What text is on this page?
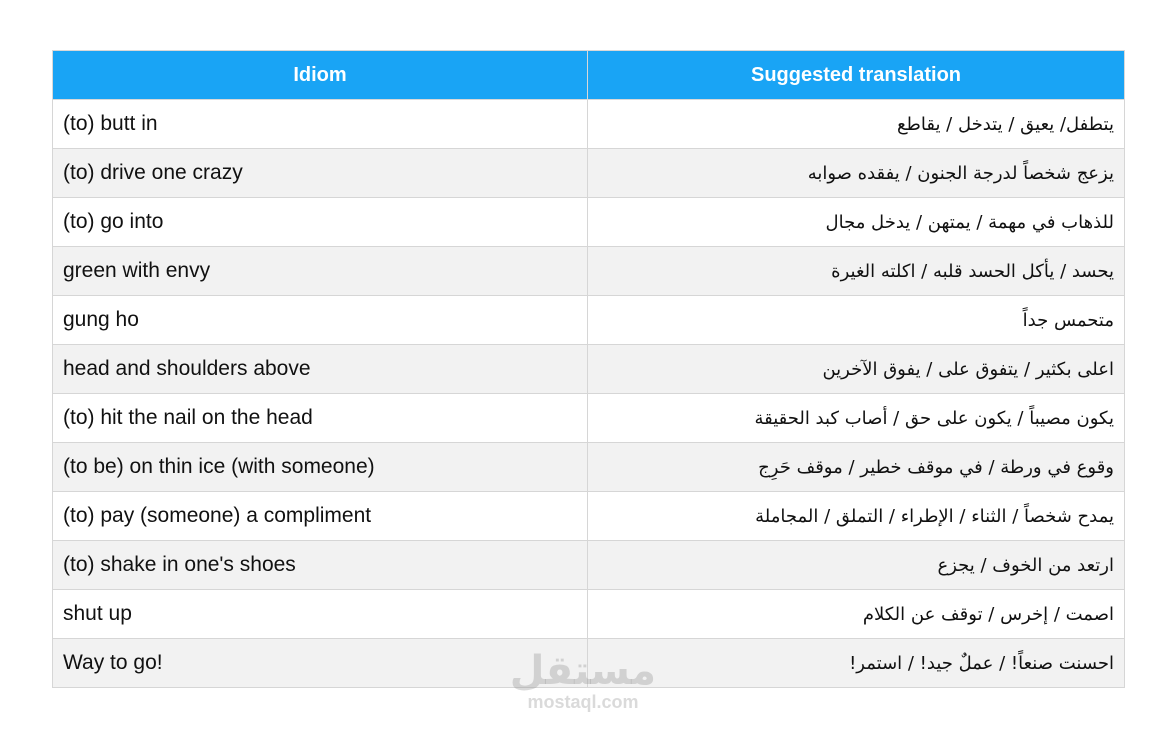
Idiom	Suggested translation
(to) butt in	يتطفل/ يعيق / يتدخل / يقاطع
(to) drive one crazy	يزعج شخصاً لدرجة الجنون / يفقده صوابه
(to) go into	للذهاب في مهمة / يمتهن / يدخل مجال
green with envy	يحسد / يأكل الحسد قلبه / اكلته الغيرة
gung ho	متحمس جداً
head and shoulders above	اعلى بكثير / يتفوق على / يفوق الآخرين
(to) hit the nail on the head	يكون مصيباً / يكون على حق / أصاب كبد الحقيقة
(to be) on thin ice (with someone)	وقوع في ورطة / في موقف خطير / موقف حَرِج
(to) pay (someone) a compliment	يمدح شخصاً / الثناء / الإطراء / التملق / المجاملة
(to) shake in one's shoes	ارتعد من الخوف / يجزع
shut up	اصمت / إخرس / توقف عن الكلام
Way to go!	احسنت صنعاً! / عملٌ جيد! / استمر!
مستقل
mostaql.com
